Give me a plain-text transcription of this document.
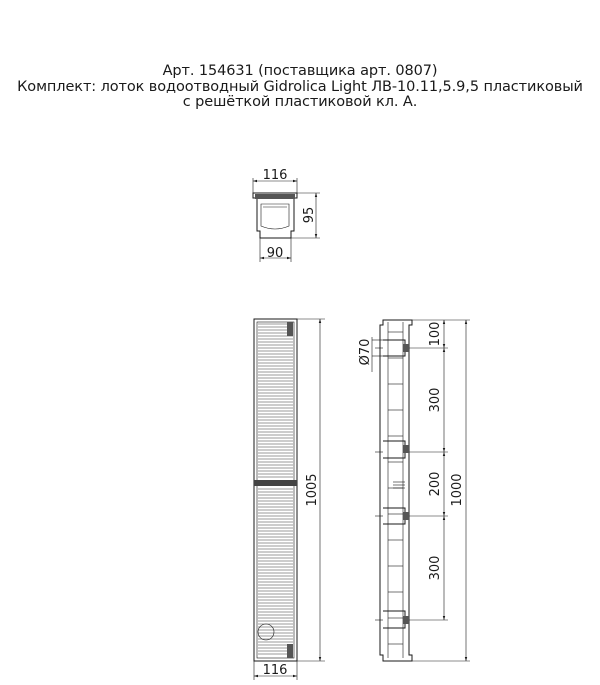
Арт. 154631 (поставщика арт. 0807)
Комплект: лоток водоотводный Gidrolica Light ЛВ-10.11,5.9,5 пластиковый
с решёткой пластиковой кл. А.
116
90
95
1005
116
Ø70
100
300
200
300
1000
